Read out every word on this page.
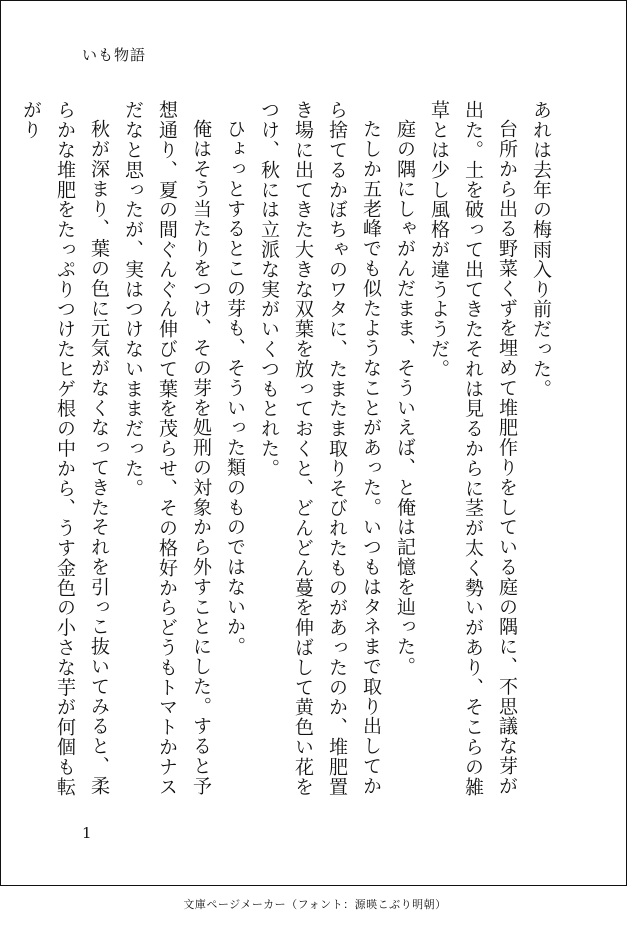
いも物語

あれは去年の梅雨入り前だった。

台所から出る野菜くずを埋めて堆肥作りをしている庭の隅に、不思議な芽が出た。土を破って出てきたそれは見るからに茎が太く勢いがあり、そこらの雑草とは少し風格が違うようだ。

庭の隅にしゃがんだまま、そういえば、と俺は記憶を辿った。

たしか五老峰でも似たようなことがあった。いつもはタネまで取り出してから捨てるかぼちゃのワタに、たまたま取りそびれたものがあったのか、堆肥置き場に出てきた大きな双葉を放っておくと、どんどん蔓を伸ばして黄色い花をつけ、秋には立派な実がいくつもとれた。

ひょっとするとこの芽も、そういった類のものではないか。

俺はそう当たりをつけ、その芽を処刑の対象から外すことにした。すると予想通り、夏の間ぐんぐん伸びて葉を茂らせ、その格好からどうもトマトかナスだなと思ったが、実はつけないままだった。

秋が深まり、葉の色に元気がなくなってきたそれを引っこ抜いてみると、柔らかな堆肥をたっぷりつけたヒゲ根の中から、うす金色の小さな芋が何個も転がり

1
文庫ページメーカー（フォント：源暎こぶり明朝）
